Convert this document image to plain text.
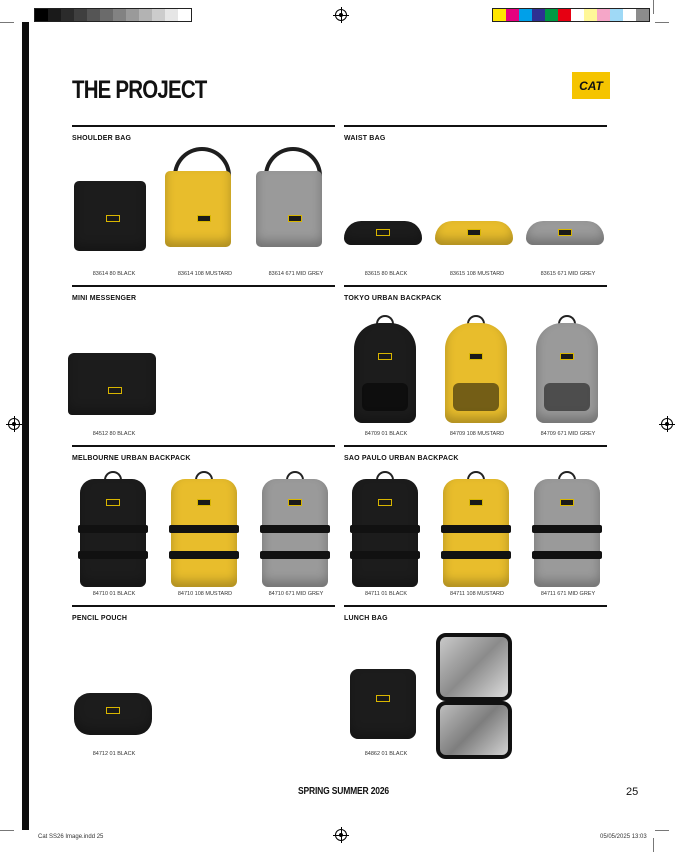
Cat SS26 Image.indd 25	05/05/2025 13:03
THE PROJECT	CAT
SHOULDER BAG	WAIST BAG
MINI MESSENGER	TOKYO URBAN BACKPACK
MELBOURNE URBAN BACKPACK	SAO PAULO URBAN BACKPACK
PENCIL POUCH	LUNCH BAG
83614 80 BLACK	83614 108 MUSTARD	83614 671 MID GREY	83615 80 BLACK	83615 108 MUSTARD	83615 671 MID GREY
84512 80 BLACK	84709 01 BLACK	84709 108 MUSTARD	84709 671 MID GREY
84710 01 BLACK	84710 108 MUSTARD	84710 671 MID GREY	84711 01 BLACK	84711 108 MUSTARD	84711 671 MID GREY
84712 01 BLACK	84862 01 BLACK
SPRING SUMMER 2026	25
